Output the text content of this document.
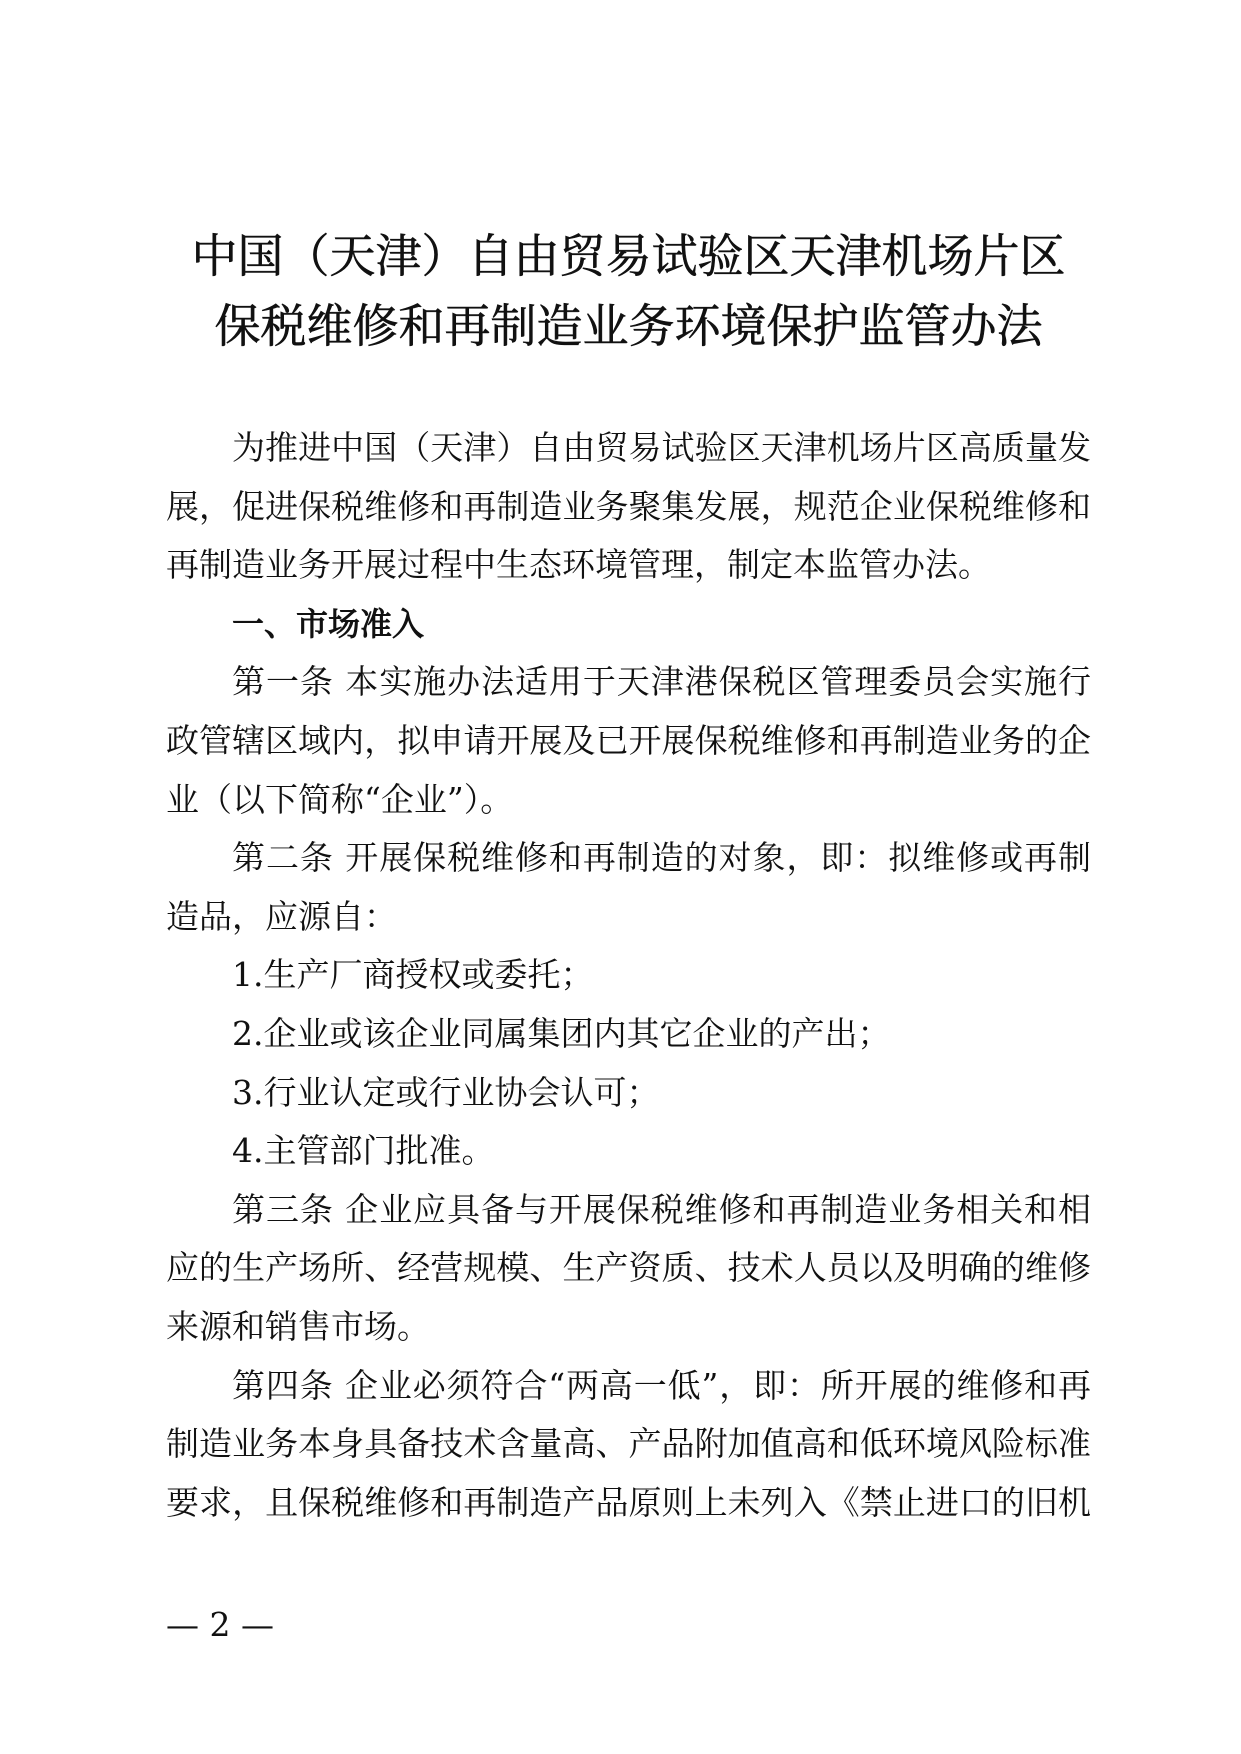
中国（天津）自由贸易试验区天津机场片区
保税维修和再制造业务环境保护监管办法
为推进中国（天津）自由贸易试验区天津机场片区高质量发
展，促进保税维修和再制造业务聚集发展，规范企业保税维修和
再制造业务开展过程中生态环境管理，制定本监管办法。
一、市场准入
第一条 本实施办法适用于天津港保税区管理委员会实施行
政管辖区域内，拟申请开展及已开展保税维修和再制造业务的企
业（以下简称“企业”）。
第二条 开展保税维修和再制造的对象，即：拟维修或再制
造品，应源自：
1.生产厂商授权或委托；
2.企业或该企业同属集团内其它企业的产出；
3.行业认定或行业协会认可；
4.主管部门批准。
第三条 企业应具备与开展保税维修和再制造业务相关和相
应的生产场所、经营规模、生产资质、技术人员以及明确的维修
来源和销售市场。
第四条 企业必须符合“两高一低”，即：所开展的维修和再
制造业务本身具备技术含量高、产品附加值高和低环境风险标准
要求，且保税维修和再制造产品原则上未列入《禁止进口的旧机
— 2 —
